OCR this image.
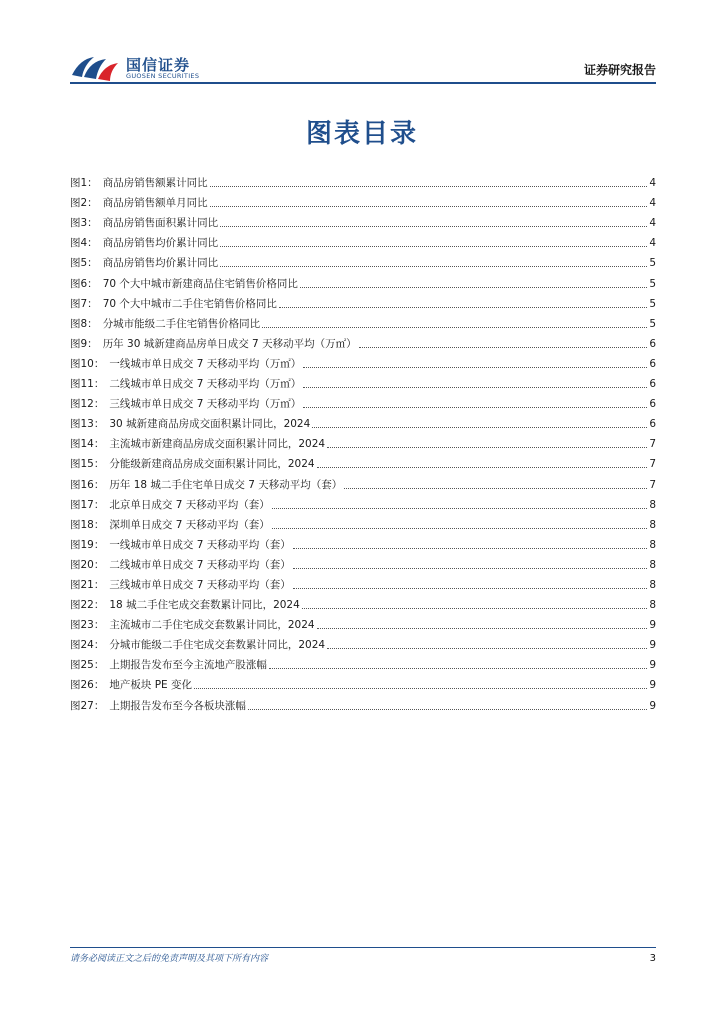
国信证券
GUOSEN SECURITIES	证券研究报告
图表目录
图1： 商品房销售额累计同比	4
图2： 商品房销售额单月同比	4
图3： 商品房销售面积累计同比	4
图4： 商品房销售均价累计同比	4
图5： 商品房销售均价累计同比	5
图6： 70 个大中城市新建商品住宅销售价格同比	5
图7： 70 个大中城市二手住宅销售价格同比	5
图8： 分城市能级二手住宅销售价格同比	5
图9： 历年 30 城新建商品房单日成交 7 天移动平均（万㎡）	6
图10： 一线城市单日成交 7 天移动平均（万㎡）	6
图11： 二线城市单日成交 7 天移动平均（万㎡）	6
图12： 三线城市单日成交 7 天移动平均（万㎡）	6
图13： 30 城新建商品房成交面积累计同比，2024	6
图14： 主流城市新建商品房成交面积累计同比，2024	7
图15： 分能级新建商品房成交面积累计同比，2024	7
图16： 历年 18 城二手住宅单日成交 7 天移动平均（套）	7
图17： 北京单日成交 7 天移动平均（套）	8
图18： 深圳单日成交 7 天移动平均（套）	8
图19： 一线城市单日成交 7 天移动平均（套）	8
图20： 二线城市单日成交 7 天移动平均（套）	8
图21： 三线城市单日成交 7 天移动平均（套）	8
图22： 18 城二手住宅成交套数累计同比，2024	8
图23： 主流城市二手住宅成交套数累计同比，2024	9
图24： 分城市能级二手住宅成交套数累计同比，2024	9
图25： 上期报告发布至今主流地产股涨幅	9
图26： 地产板块 PE 变化	9
图27： 上期报告发布至今各板块涨幅	9
请务必阅读正文之后的免责声明及其项下所有内容	3
